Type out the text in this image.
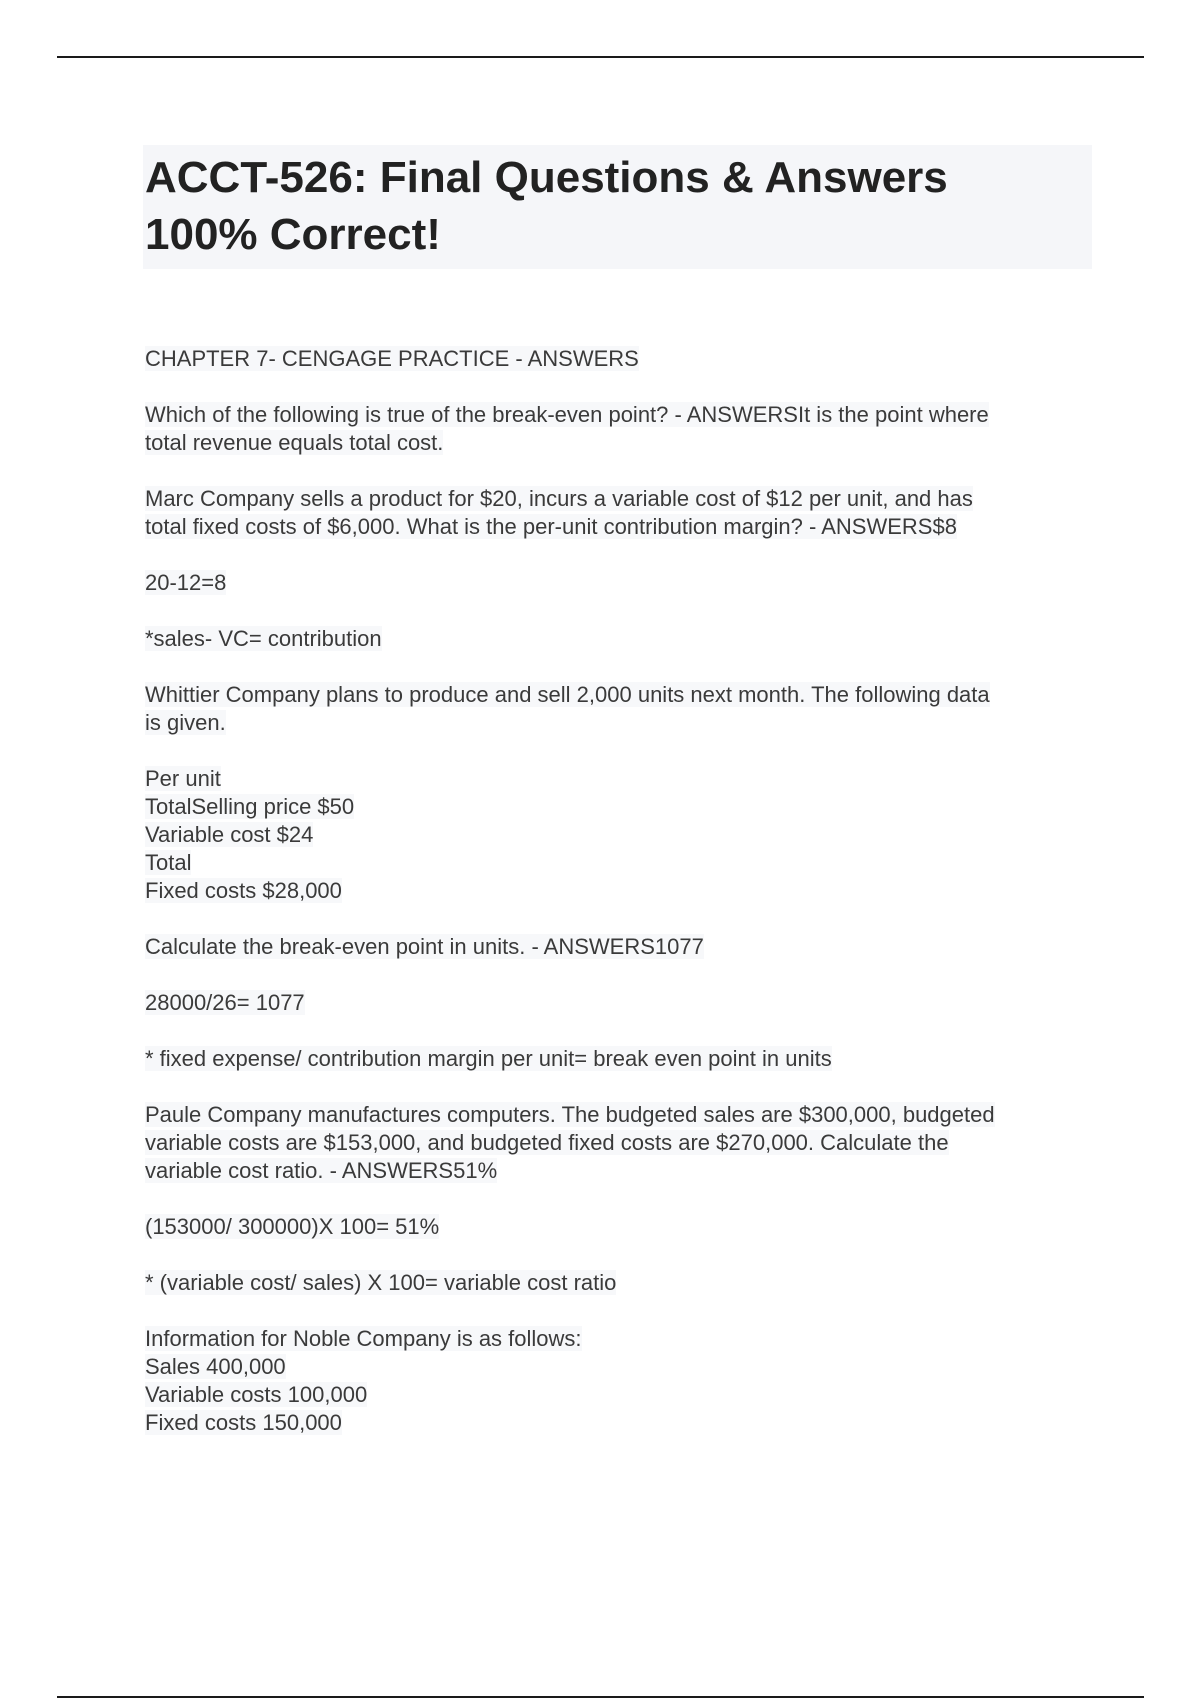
ACCT-526: Final Questions & Answers
100% Correct!

CHAPTER 7- CENGAGE PRACTICE - ANSWERS

Which of the following is true of the break-even point? - ANSWERSIt is the point where
total revenue equals total cost.

Marc Company sells a product for $20, incurs a variable cost of $12 per unit, and has
total fixed costs of $6,000. What is the per-unit contribution margin? - ANSWERS$8

20-12=8

*sales- VC= contribution

Whittier Company plans to produce and sell 2,000 units next month. The following data
is given.

Per unit
TotalSelling price $50
Variable cost $24
Total
Fixed costs $28,000

Calculate the break-even point in units. - ANSWERS1077

28000/26= 1077

* fixed expense/ contribution margin per unit= break even point in units

Paule Company manufactures computers. The budgeted sales are $300,000, budgeted
variable costs are $153,000, and budgeted fixed costs are $270,000. Calculate the
variable cost ratio. - ANSWERS51%

(153000/ 300000)X 100= 51%

* (variable cost/ sales) X 100= variable cost ratio

Information for Noble Company is as follows:
Sales 400,000
Variable costs 100,000
Fixed costs 150,000
